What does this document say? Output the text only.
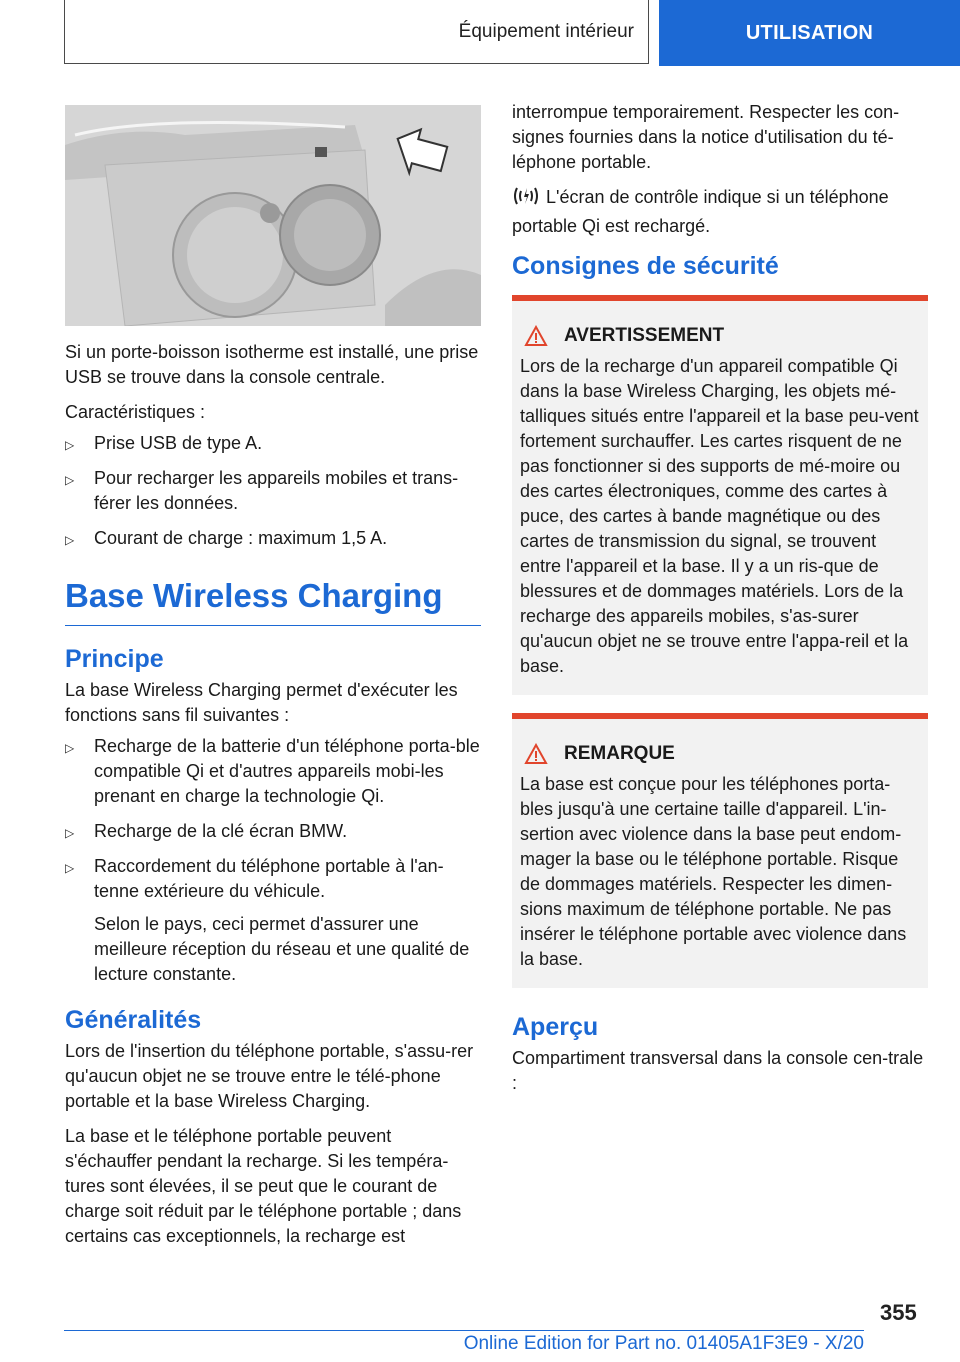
Équipement intérieur	UTILISATION

Si un porte-boisson isotherme est installé, une prise USB se trouve dans la console centrale.

Caractéristiques :

▷ Prise USB de type A.
▷ Pour recharger les appareils mobiles et trans-férer les données.
▷ Courant de charge : maximum 1,5 A.
Base Wireless Charging
Principe

La base Wireless Charging permet d'exécuter les fonctions sans fil suivantes :

▷ Recharge de la batterie d'un téléphone porta-ble compatible Qi et d'autres appareils mobi-les prenant en charge la technologie Qi.
▷ Recharge de la clé écran BMW.
▷ Raccordement du téléphone portable à l'an-tenne extérieure du véhicule.

Selon le pays, ceci permet d'assurer une meilleure réception du réseau et une qualité de lecture constante.

Généralités

Lors de l'insertion du téléphone portable, s'assu-rer qu'aucun objet ne se trouve entre le télé-phone portable et la base Wireless Charging.

La base et le téléphone portable peuvent s'échauffer pendant la recharge. Si les tempéra-tures sont élevées, il se peut que le courant de charge soit réduit par le téléphone portable ; dans certains cas exceptionnels, la recharge est

interrompue temporairement. Respecter les con-signes fournies dans la notice d'utilisation du té-léphone portable.

L'écran de contrôle indique si un téléphone portable Qi est rechargé.

Consignes de sécurité
AVERTISSEMENT
Lors de la recharge d'un appareil compatible Qi dans la base Wireless Charging, les objets mé-talliques situés entre l'appareil et la base peu-vent fortement surchauffer. Les cartes risquent de ne pas fonctionner si des supports de mé-moire ou des cartes électroniques, comme des cartes à puce, des cartes à bande magnétique ou des cartes de transmission du signal, se trouvent entre l'appareil et la base. Il y a un ris-que de blessures et de dommages matériels. Lors de la recharge des appareils mobiles, s'as-surer qu'aucun objet ne se trouve entre l'appa-reil et la base.
REMARQUE
La base est conçue pour les téléphones porta-bles jusqu'à une certaine taille d'appareil. L'in-sertion avec violence dans la base peut endom-mager la base ou le téléphone portable. Risque de dommages matériels. Respecter les dimen-sions maximum de téléphone portable. Ne pas insérer le téléphone portable avec violence dans la base.
Aperçu

Compartiment transversal dans la console cen-trale :

355
Online Edition for Part no. 01405A1F3E9 - X/20
